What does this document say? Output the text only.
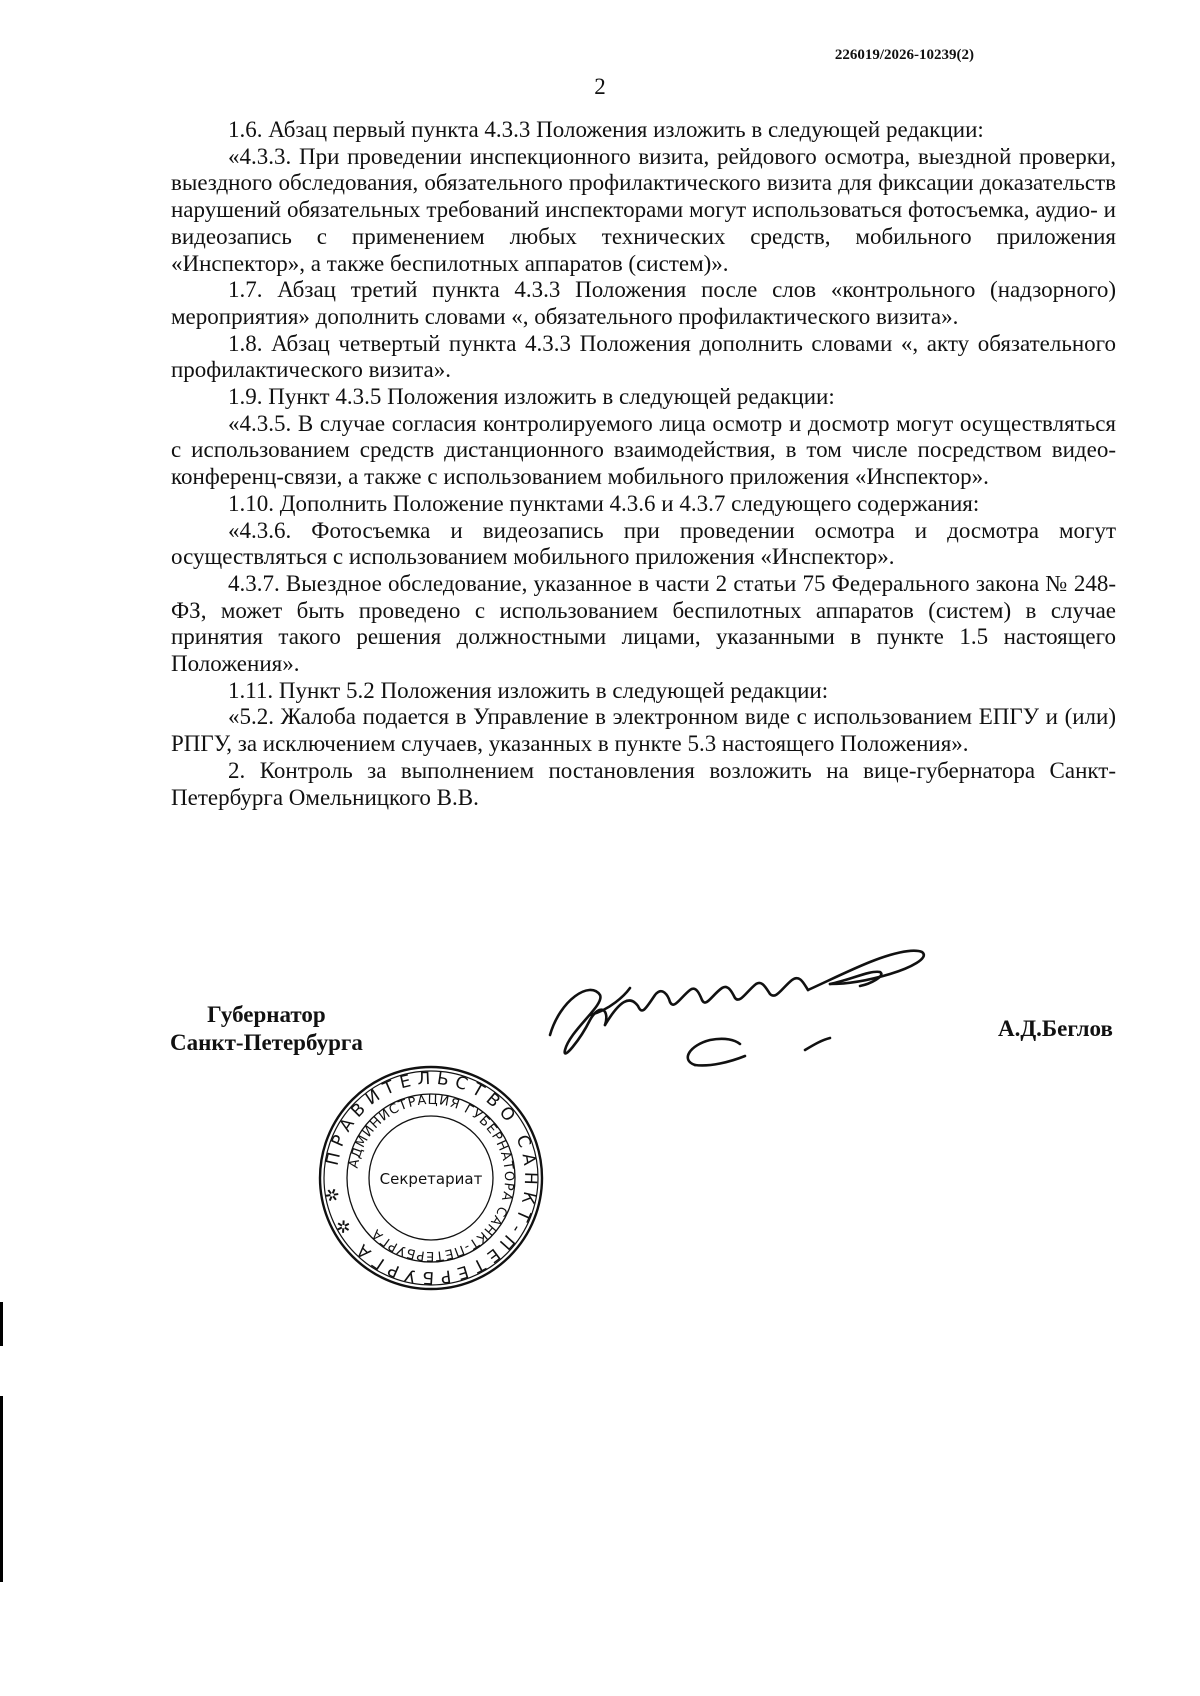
226019/2026-10239(2)
2

1.6. Абзац первый пункта 4.3.3 Положения изложить в следующей редакции:

«4.3.3. При проведении инспекционного визита, рейдового осмотра, выездной проверки, выездного обследования, обязательного профилактического визита для фиксации доказательств нарушений обязательных требований инспекторами могут использоваться фотосъемка, аудио- и видеозапись с применением любых технических средств, мобильного приложения «Инспектор», а также беспилотных аппаратов (систем)».

1.7. Абзац третий пункта 4.3.3 Положения после слов «контрольного (надзорного) мероприятия» дополнить словами «, обязательного профилактического визита».

1.8. Абзац четвертый пункта 4.3.3 Положения дополнить словами «, акту обязательного профилактического визита».

1.9. Пункт 4.3.5 Положения изложить в следующей редакции:

«4.3.5. В случае согласия контролируемого лица осмотр и досмотр могут осуществляться с использованием средств дистанционного взаимодействия, в том числе посредством видео-конференц-связи, а также с использованием мобильного приложения «Инспектор».

1.10. Дополнить Положение пунктами 4.3.6 и 4.3.7 следующего содержания:

«4.3.6. Фотосъемка и видеозапись при проведении осмотра и досмотра могут осуществляться с использованием мобильного приложения «Инспектор».

4.3.7. Выездное обследование, указанное в части 2 статьи 75 Федерального закона № 248-ФЗ, может быть проведено с использованием беспилотных аппаратов (систем) в случае принятия такого решения должностными лицами, указанными в пункте 1.5 настоящего Положения».

1.11. Пункт 5.2 Положения изложить в следующей редакции:

«5.2. Жалоба подается в Управление в электронном виде с использованием ЕПГУ и (или) РПГУ, за исключением случаев, указанных в пункте 5.3 настоящего Положения».

2. Контроль за выполнением постановления возложить на вице-губернатора Санкт-Петербурга Омельницкого В.В.

Губернатор
Санкт-Петербурга
А.Д.Беглов
ПРАВИТЕЛЬСТВО САНКТ-ПЕТЕРБУРГА ✲ ✲
АДМИНИСТРАЦИЯ ГУБЕРНАТОРА САНКТ-ПЕТЕРБУРГА
Секретариат
